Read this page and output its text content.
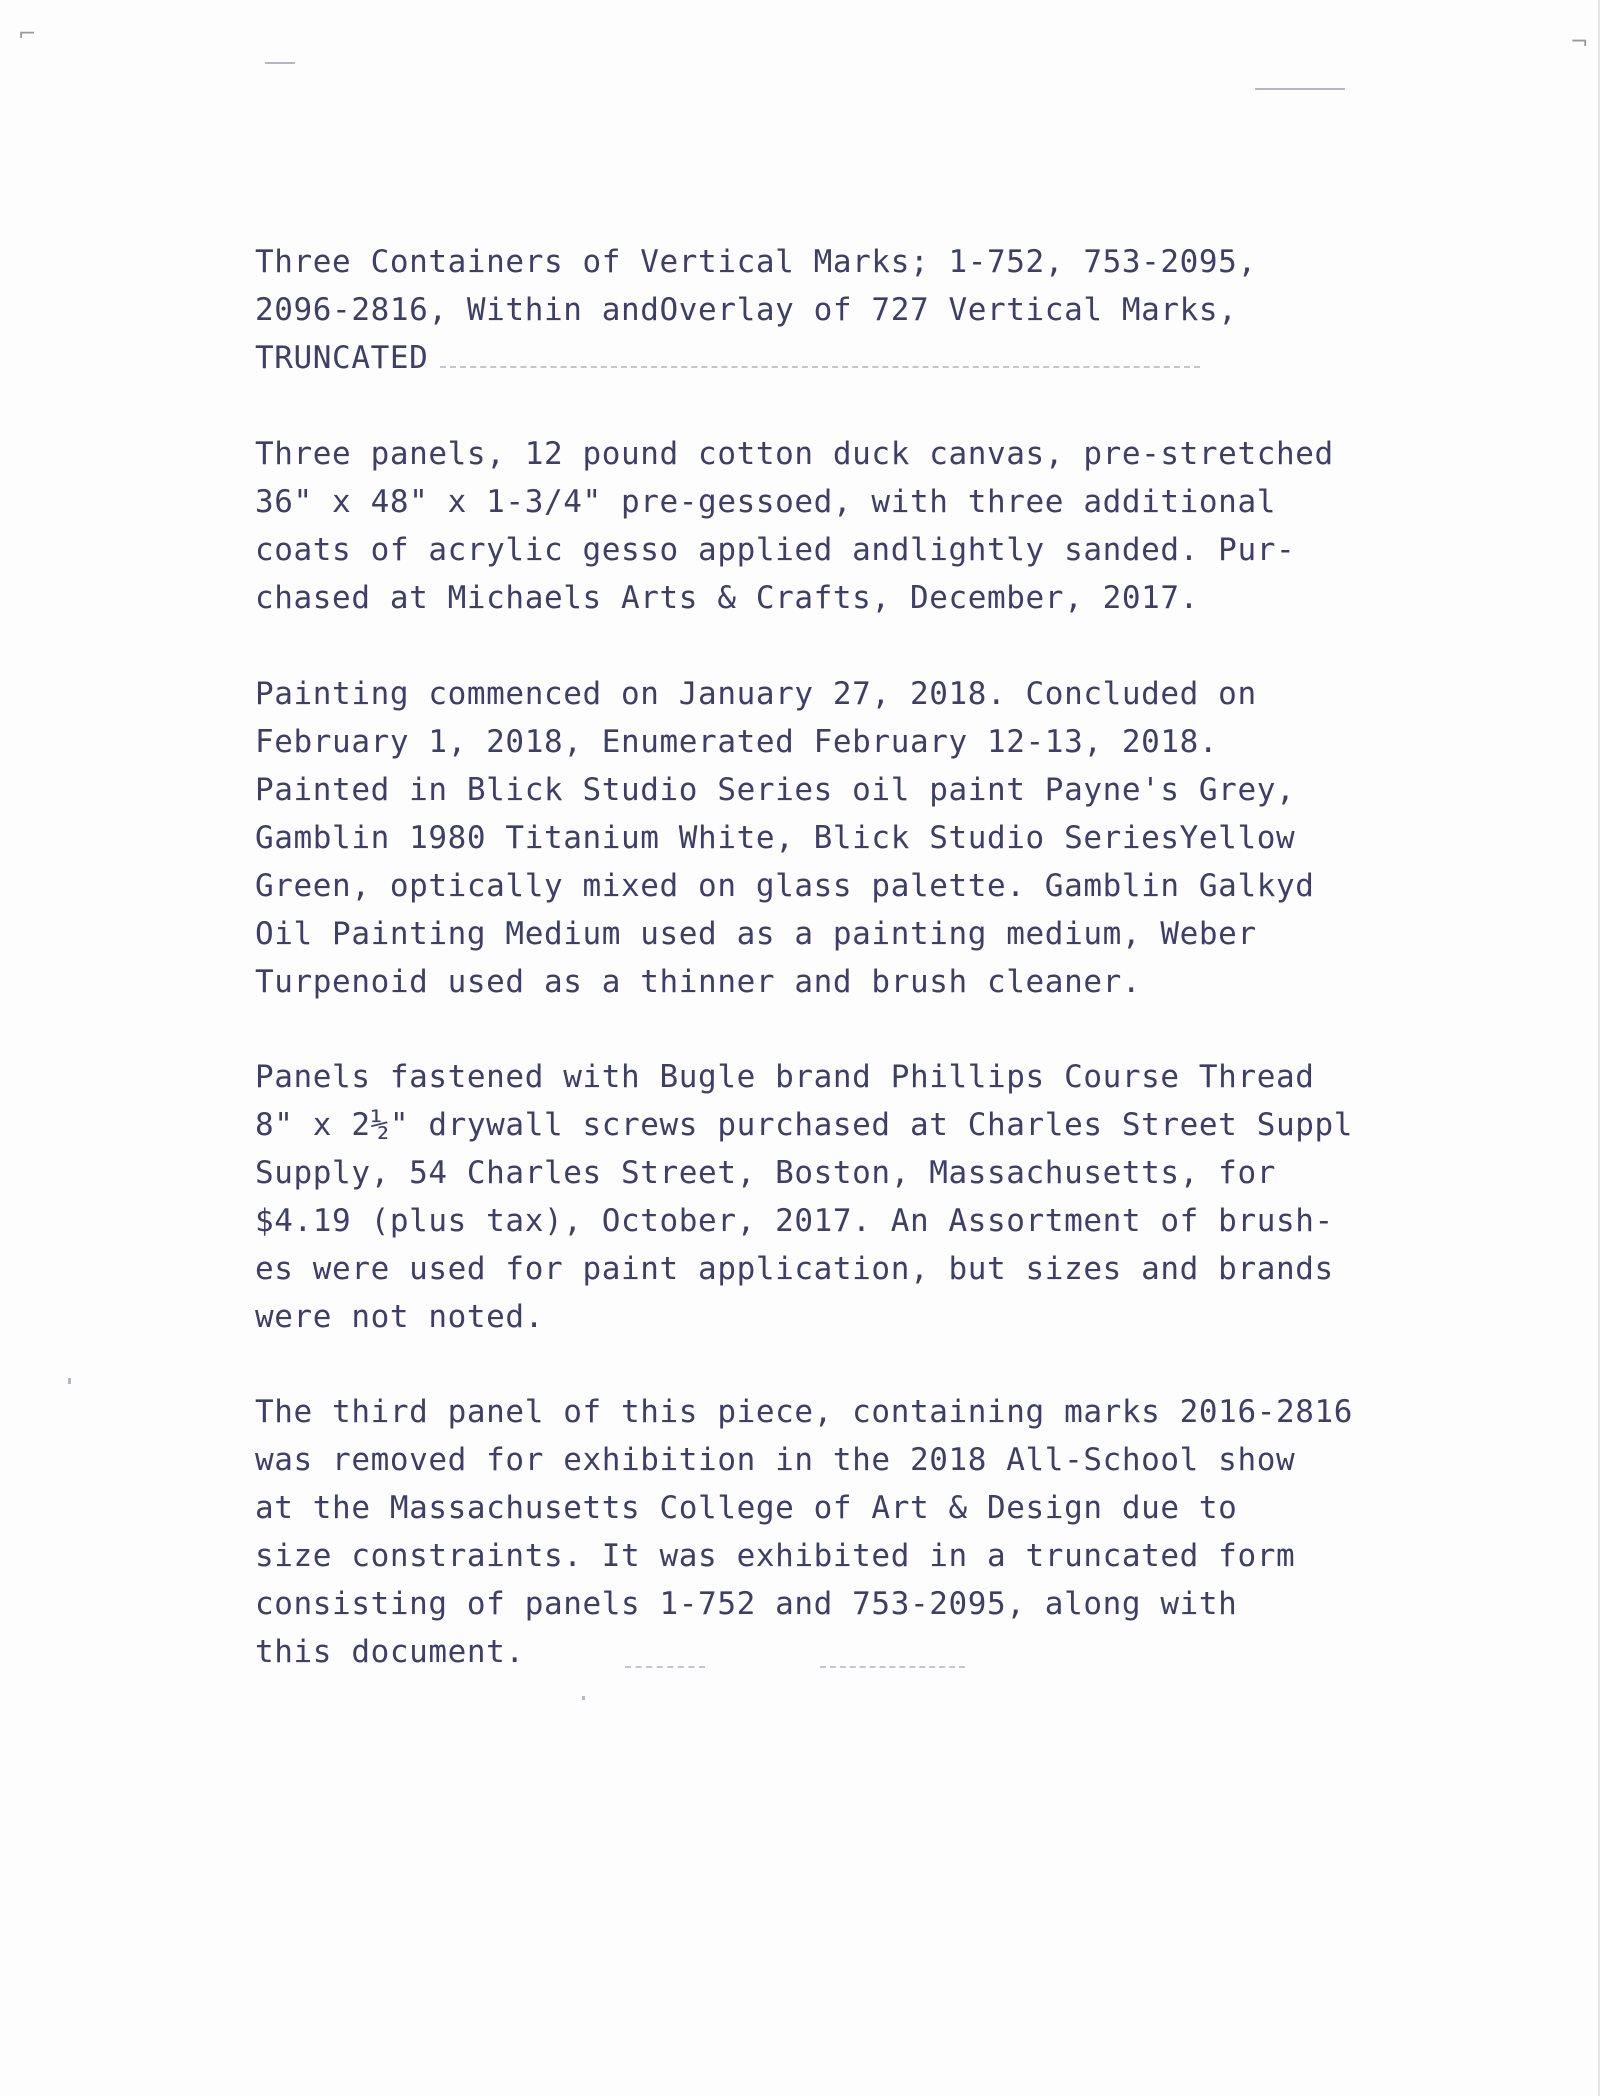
⌐	¬
Three Containers of Vertical Marks; 1-752, 753-2095,
2096-2816, Within andOverlay of 727 Vertical Marks,
TRUNCATED
Three panels, 12 pound cotton duck canvas, pre-stretched
36" x 48" x 1-3/4" pre-gessoed, with three additional
coats of acrylic gesso applied andlightly sanded. Pur-
chased at Michaels Arts & Crafts, December, 2017.
Painting commenced on January 27, 2018. Concluded on
February 1, 2018, Enumerated February 12-13, 2018.
Painted in Blick Studio Series oil paint Payne's Grey,
Gamblin 1980 Titanium White, Blick Studio SeriesYellow
Green, optically mixed on glass palette. Gamblin Galkyd
Oil Painting Medium used as a painting medium, Weber
Turpenoid used as a thinner and brush cleaner.
Panels fastened with Bugle brand Phillips Course Thread
8" x 2½" drywall screws purchased at Charles Street Suppl
Supply, 54 Charles Street, Boston, Massachusetts, for
$4.19 (plus tax), October, 2017. An Assortment of brush-
es were used for paint application, but sizes and brands
were not noted.
The third panel of this piece, containing marks 2016-2816
was removed for exhibition in the 2018 All-School show
at the Massachusetts College of Art & Design due to
size constraints. It was exhibited in a truncated form
consisting of panels 1-752 and 753-2095, along with
this document.
